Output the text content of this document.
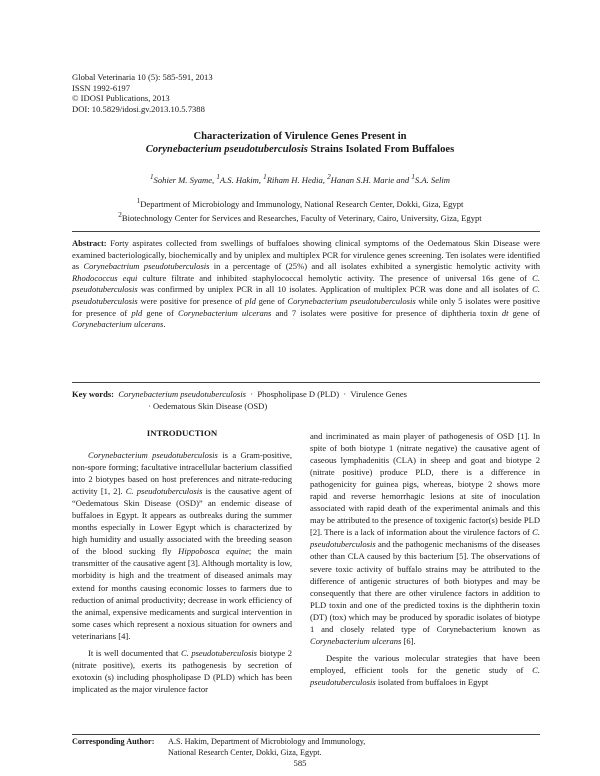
Global Veterinaria 10 (5): 585-591, 2013
ISSN 1992-6197
© IDOSI Publications, 2013
DOI: 10.5829/idosi.gv.2013.10.5.7388
Characterization of Virulence Genes Present in
Corynebacterium pseudotuberculosis Strains Isolated From Buffaloes
$^1$Sohier M. Syame, $^1$A.S. Hakim, $^1$Riham H. Hedia, $^2$Hanan S.H. Marie and $^1$S.A. Selim
$^1$Department of Microbiology and Immunology, National Research Center, Dokki, Giza, Egypt
$^2$Biotechnology Center for Services and Researches, Faculty of Veterinary, Cairo, University, Giza, Egypt
Abstract: Forty aspirates collected from swellings of buffaloes showing clinical symptoms of the Oedematous Skin Disease were examined bacteriologically, biochemically and by uniplex and multiplex PCR for virulence genes screening. Ten isolates were identified as Corynebactrium pseudotuberculosis in a percentage of (25%) and all isolates exhibited a synergistic hemolytic activity with Rhodococcus equi culture filtrate and inhibited staphylococcal hemolytic activity. The presence of universal 16s gene of C. pseudotuberculosis was confirmed by uniplex PCR in all 10 isolates. Application of multiplex PCR was done and all isolates of C. pseudotuberculosis were positive for presence of pld gene of Corynebacterium pseudotuberculosis while only 5 isolates were positive for presence of pld gene of Corynebacterium ulcerans and 7 isolates were positive for presence of diphtheria toxin dt gene of Corynebacterium ulcerans.
Key words: Corynebacterium pseudotuberculosis · Phospholipase D (PLD) · Virulence Genes
· Oedematous Skin Disease (OSD)
INTRODUCTION

Corynebacterium pseudotuberculosis is a Gram-positive, non-spore forming; facultative intracellular bacterium classified into 2 biotypes based on host preferences and nitrate-reducing activity [1, 2]. C. pseudotuberculosis is the causative agent of “Oedematous Skin Disease (OSD)” an endemic disease of buffaloes in Egypt. It appears as outbreaks during the summer months especially in Lower Egypt which is characterized by high humidity and usually associated with the breeding season of the blood sucking fly Hippobosca equine; the main transmitter of the causative agent [3]. Although mortality is low, morbidity is high and the treatment of diseased animals may extend for months causing economic losses to farmers due to reduction of animal productivity; decrease in work efficiency of the animal, expensive medicaments and surgical intervention in some cases which represent a noxious situation for owners and veterinarians [4].

It is well documented that C. pseudotuberculosis biotype 2 (nitrate positive), exerts its pathogenesis by secretion of exotoxin (s) including phospholipase D (PLD) which has been implicated as the major virulence factor

and incriminated as main player of pathogenesis of OSD [1]. In spite of both biotype 1 (nitrate negative) the causative agent of caseous lymphadenitis (CLA) in sheep and goat and biotype 2 (nitrate positive) produce PLD, there is a difference in pathogenicity for guinea pigs, whereas, biotype 2 shows more rapid and reverse hemorrhagic lesions at site of inoculation associated with rapid death of the experimental animals and this may be attributed to the presence of toxigenic factor(s) beside PLD [2]. There is a lack of information about the virulence factors of C. pseudotuberculosis and the pathogenic mechanisms of the diseases other than CLA caused by this bacterium [5]. The observations of severe toxic activity of buffalo strains may be attributed to the difference of antigenic structures of both biotypes and may be consequently that there are other virulence factors in addition to PLD toxin and one of the predicted toxins is the diphtherin toxin (DT) (tox) which may be produced by sporadic isolates of biotype 1 and closely related type of Corynebacterium known as Corynebacterium ulcerans [6].

Despite the various molecular strategies that have been employed, efficient tools for the genetic study of C. pseudotuberculosis isolated from buffaloes in Egypt

Corresponding Author: A.S. Hakim, Department of Microbiology and Immunology,
National Research Center, Dokki, Giza, Egypt.
585
